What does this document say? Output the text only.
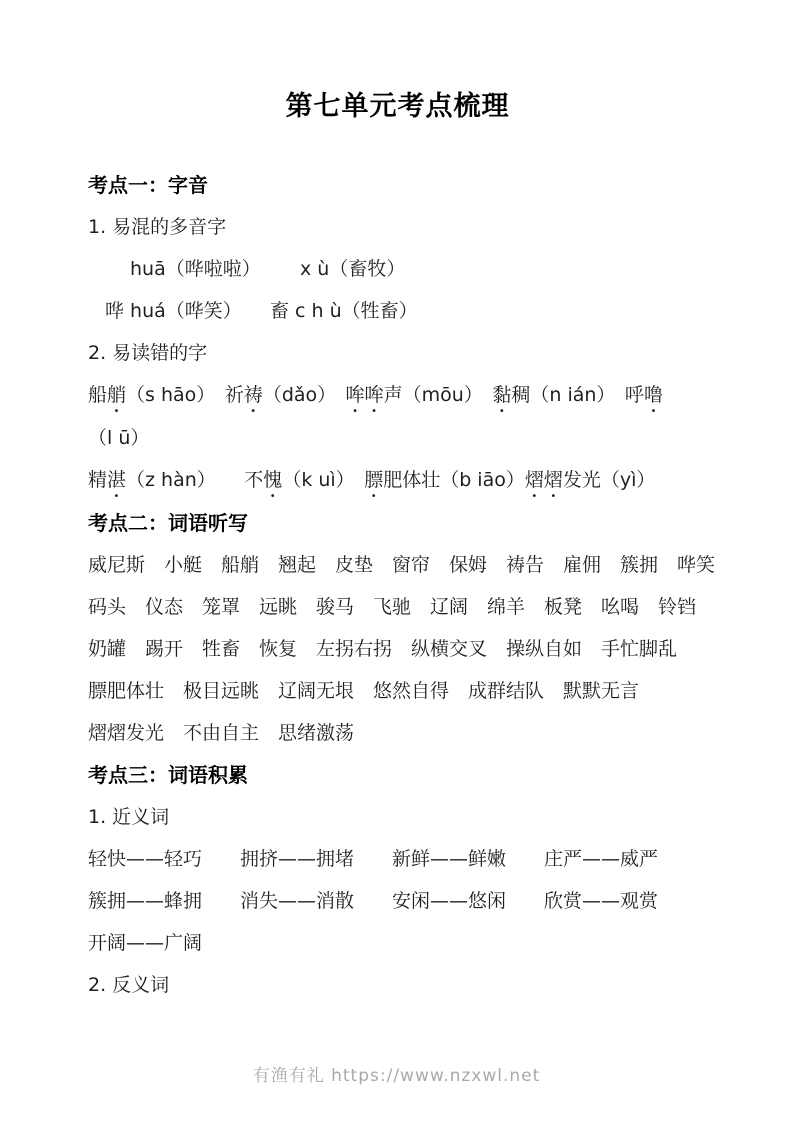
第七单元考点梳理
考点一：字音
1. 易混的多音字
huā（哗啦啦）	x ù（畜牧）
哗 huá（哗笑）	畜 c h ù（牲畜）
2. 易读错的字
船艄（s hāo）　祈祷（dǎo）　哞哞声（mōu）　黏稠（n ián）　呼噜
（l ū）
精湛（z hàn）　　不愧（k uì）　膘肥体壮（b iāo）熠熠发光（yì）
考点二：词语听写
威尼斯　小艇　船艄　翘起　皮垫　窗帘　保姆　祷告　雇佣　簇拥　哗笑
码头　仪态　笼罩　远眺　骏马　飞驰　辽阔　绵羊　板凳　吆喝　铃铛
奶罐　踢开　牲畜　恢复　左拐右拐　纵横交叉　操纵自如　手忙脚乱
膘肥体壮　极目远眺　辽阔无垠　悠然自得　成群结队　默默无言
熠熠发光　不由自主　思绪激荡
考点三：词语积累
1. 近义词
轻快——轻巧　　拥挤——拥堵　　新鲜——鲜嫩　　庄严——威严
簇拥——蜂拥　　消失——消散　　安闲——悠闲　　欣赏——观赏
开阔——广阔
2. 反义词
有渔有礼 https://www.nzxwl.net
